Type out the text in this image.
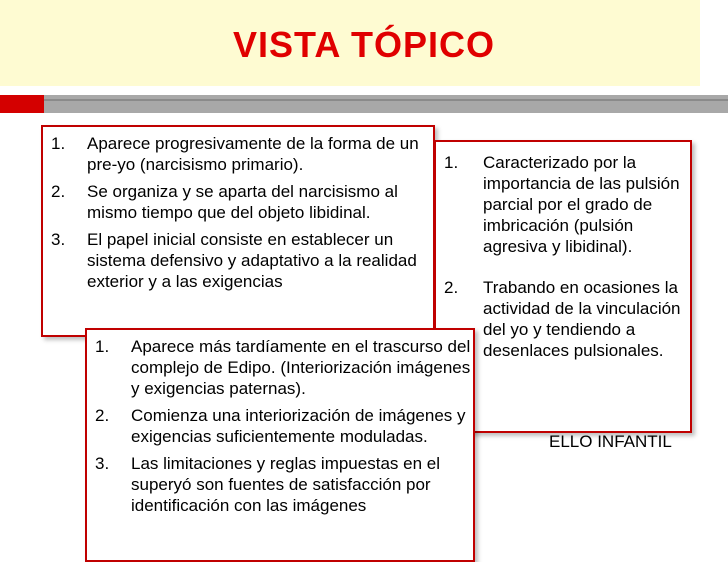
VISTA TÓPICO
1. Aparece progresivamente de la forma de un pre-yo (narcisismo primario).
2. Se organiza y se aparta del narcisismo al mismo tiempo que del objeto libidinal.
3. El papel inicial consiste en establecer un sistema defensivo y adaptativo a la realidad exterior y a las exigencias
1. Caracterizado por la importancia de las pulsión parcial por el grado de imbricación (pulsión agresiva y libidinal).
2. Trabando en ocasiones la actividad de la vinculación del yo y tendiendo a desenlaces pulsionales.
ELLO INFANTIL
1. Aparece más tardíamente en el trascurso del complejo de Edipo. (Interiorización imágenes y exigencias paternas).
2. Comienza una interiorización de imágenes y exigencias suficientemente moduladas.
3. Las limitaciones y reglas impuestas en el superyó son fuentes de satisfacción por identificación con las imágenes
